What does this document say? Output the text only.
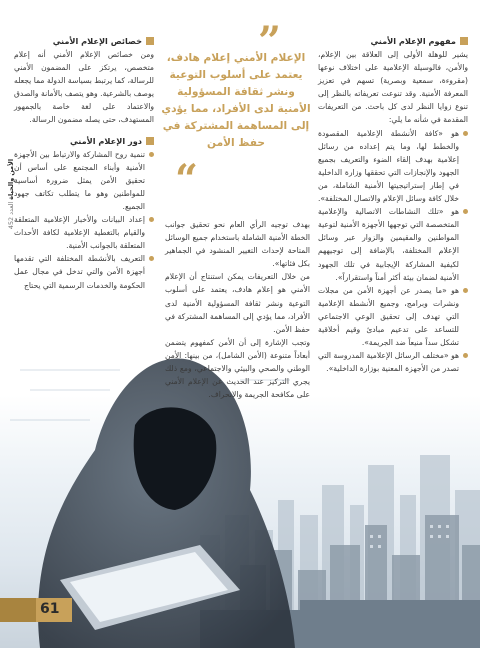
”
“
الإعلام الأمني إعلام هادف، يعتمد على أسلوب التوعية ونشر ثقافة المسؤولية الأمنية لدى الأفراد، مما يؤدي إلى المساهمة المشتركة في حفظ الأمن
مفهوم الإعلام الأمني

يشير للوهلة الأولى إلى العلاقة بين الإعلام، والأمن، فالوسيلة الإعلامية على اختلاف نوعها (مقروءة، سمعية وبصرية) تسهم في تعزيز المعرفة الأمنية. وقد تنوعت تعريفاته بالنظر إلى تنوع زوايا النظر لدى كل باحث. من التعريفات المقدمة في شأنه ما يلي:

هو «كافة الأنشطة الإعلامية المقصودة والخطط لها، وما يتم إعداده من رسائل إعلامية بهدف إلقاء الضوء والتعريف بجميع الجهود والإنجازات التي تحققها وزارة الداخلية في إطار إستراتيجيتها الأمنية الشاملة، من خلال كافة وسائل الإعلام والاتصال المختلفة».

هو «تلك النشاطات الاتصالية والإعلامية المتخصصة التي توجهها الأجهزة الأمنية لتوعية المواطنين والمقيمين والزوار عبر وسائل الإعلام المختلفة، بالإضافة إلى توجيههم لكيفية المشاركة الإيجابية في تلك الجهود الأمنية لضمان بيئة أكثر أمناً واستقراراً».

هو «ما يصدر عن أجهزة الأمن من مجلات ونشرات وبرامج، وجميع الأنشطة الإعلامية التي تهدف إلى تحقيق الوعي الاجتماعي للتساعد على تدعيم مبادئ وقيم أخلاقية تشكل سداً منيعاً ضد الجريمة».

هو «مختلف الرسائل الإعلامية المدروسة التي تصدر من الأجهزة المعنية بوزارة الداخلية».

بهدف توجيه الرأي العام نحو تحقيق جوانب الخطة الأمنية الشاملة باستخدام جميع الوسائل المتاحة لإحداث التغيير المنشود في الجماهير بكل فئاتها».

من خلال التعريفات يمكن استنتاج أن الإعلام الأمني هو إعلام هادف، يعتمد على أسلوب التوعية ونشر ثقافة المسؤولية الأمنية لدى الأفراد، مما يؤدي إلى المساهمة المشتركة في حفظ الأمن.

وتجب الإشارة إلى أن الأمن كمفهوم يتضمن أبعاداً متنوعة (الأمن الشامل)، من بينها: الأمن الوطني والصحي والبيئي والاجتماعي، ومع ذلك يجري التركيز عند الحديث عن الإعلام الأمني على مكافحة الجريمة والانحراف.

خصائص الإعلام الأمني

ومن خصائص الإعلام الأمني أنه إعلام متخصص، يرتكز على المضمون الأمني للرسالة، كما يرتبط بسياسة الدولة مما يجعله يوصف بالشرعية. وهو يتصف بالأمانة والصدق والاعتماد على لغة خاصة بالجمهور المستهدف، حتى يصله مضمون الرسالة.

دور الإعلام الأمني

تنمية روح المشاركة والارتباط بين الأجهزة الأمنية وأبناء المجتمع على أساس أن تحقيق الأمن يمثل ضرورة أساسية للمواطنين وهو ما يتطلب تكاتف جهود الجميع.

إعداد البيانات والأخبار الإعلامية المتعلقة والقيام بالتغطية الإعلامية لكافة الأحداث المتعلقة بالجوانب الأمنية.

التعريف بالأنشطة المختلفة التي تقدمها أجهزة الأمن والتي تدخل في مجال عمل الحكومة والخدمات الرسمية التي يحتاج

الأمن والحياة العدد 452
61
